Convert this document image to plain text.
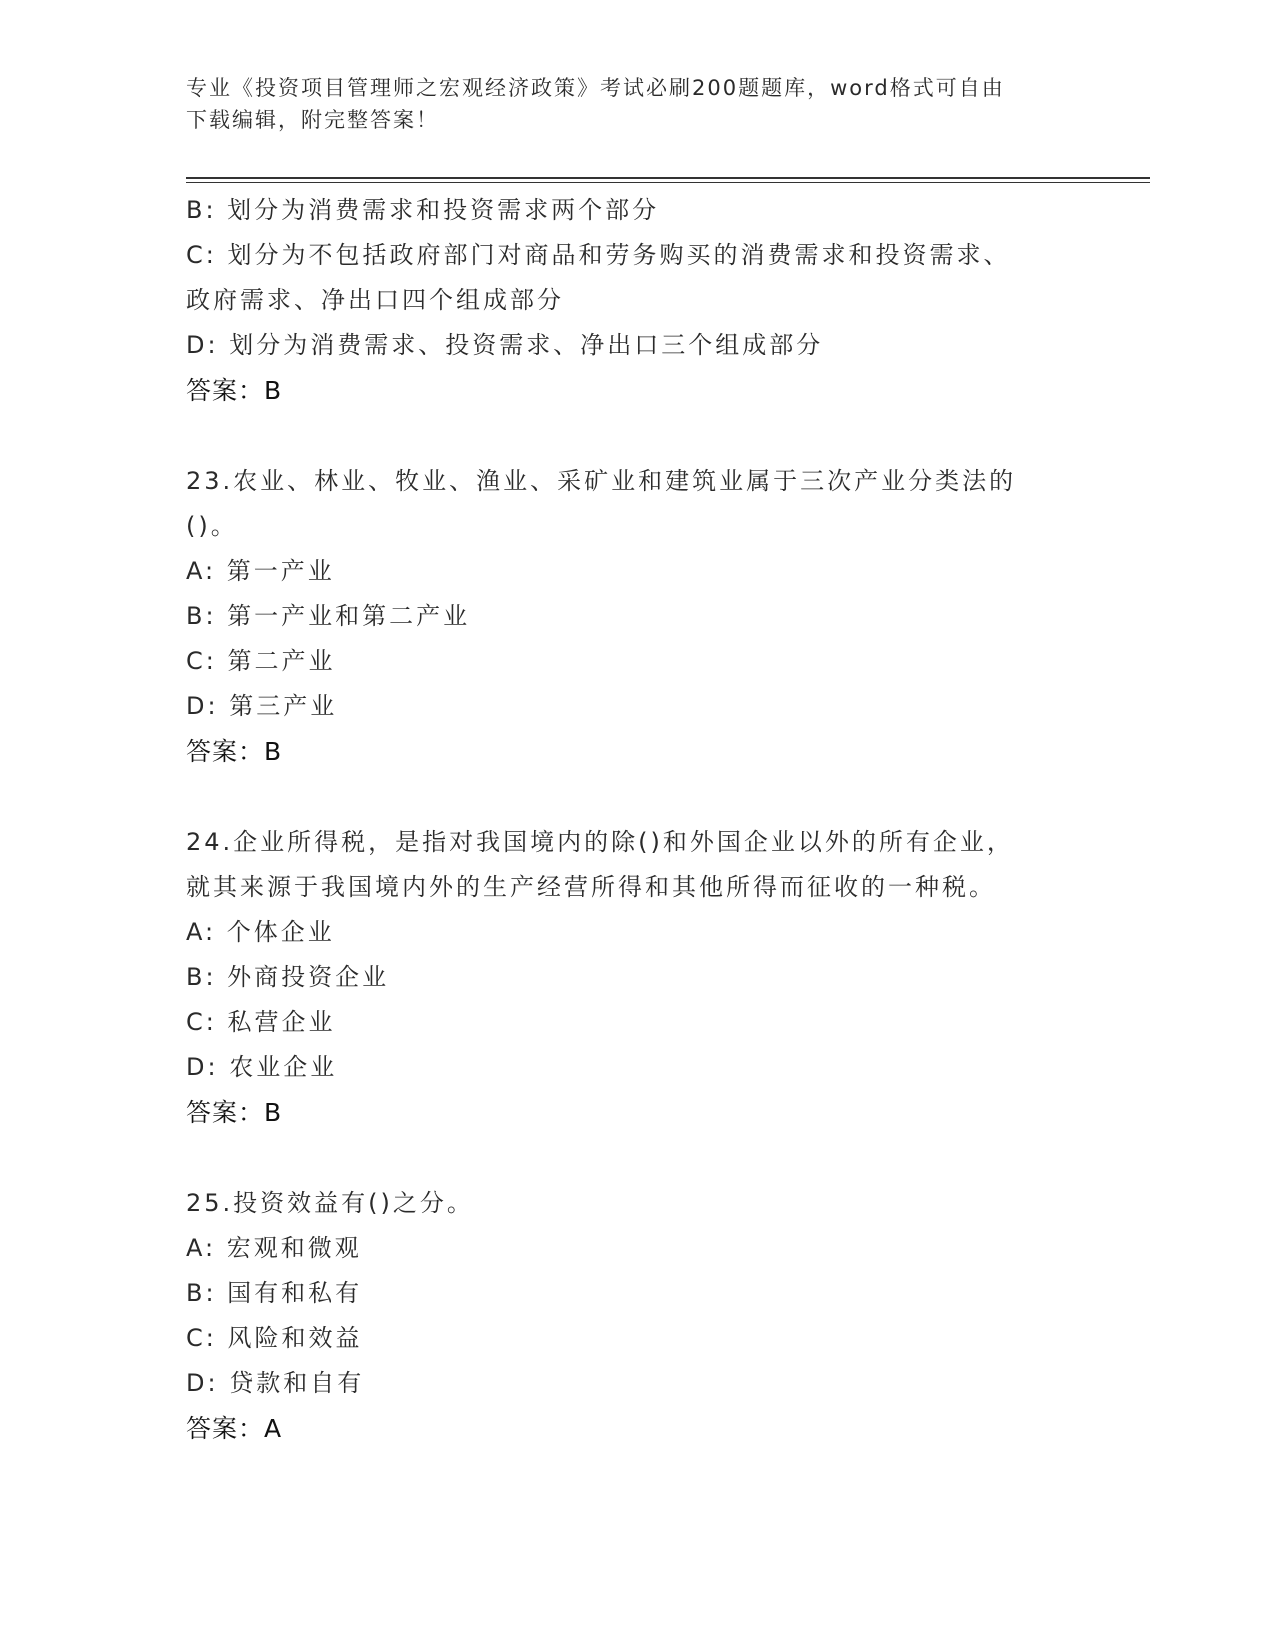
专业《投资项目管理师之宏观经济政策》考试必刷200题题库，word格式可自由
下载编辑，附完整答案！
B: 划分为消费需求和投资需求两个部分
C: 划分为不包括政府部门对商品和劳务购买的消费需求和投资需求、
政府需求、净出口四个组成部分
D: 划分为消费需求、投资需求、净出口三个组成部分
答案：B
23.农业、林业、牧业、渔业、采矿业和建筑业属于三次产业分类法的
()。
A: 第一产业
B: 第一产业和第二产业
C: 第二产业
D: 第三产业
答案：B
24.企业所得税，是指对我国境内的除()和外国企业以外的所有企业，
就其来源于我国境内外的生产经营所得和其他所得而征收的一种税。
A: 个体企业
B: 外商投资企业
C: 私营企业
D: 农业企业
答案：B
25.投资效益有()之分。
A: 宏观和微观
B: 国有和私有
C: 风险和效益
D: 贷款和自有
答案：A
